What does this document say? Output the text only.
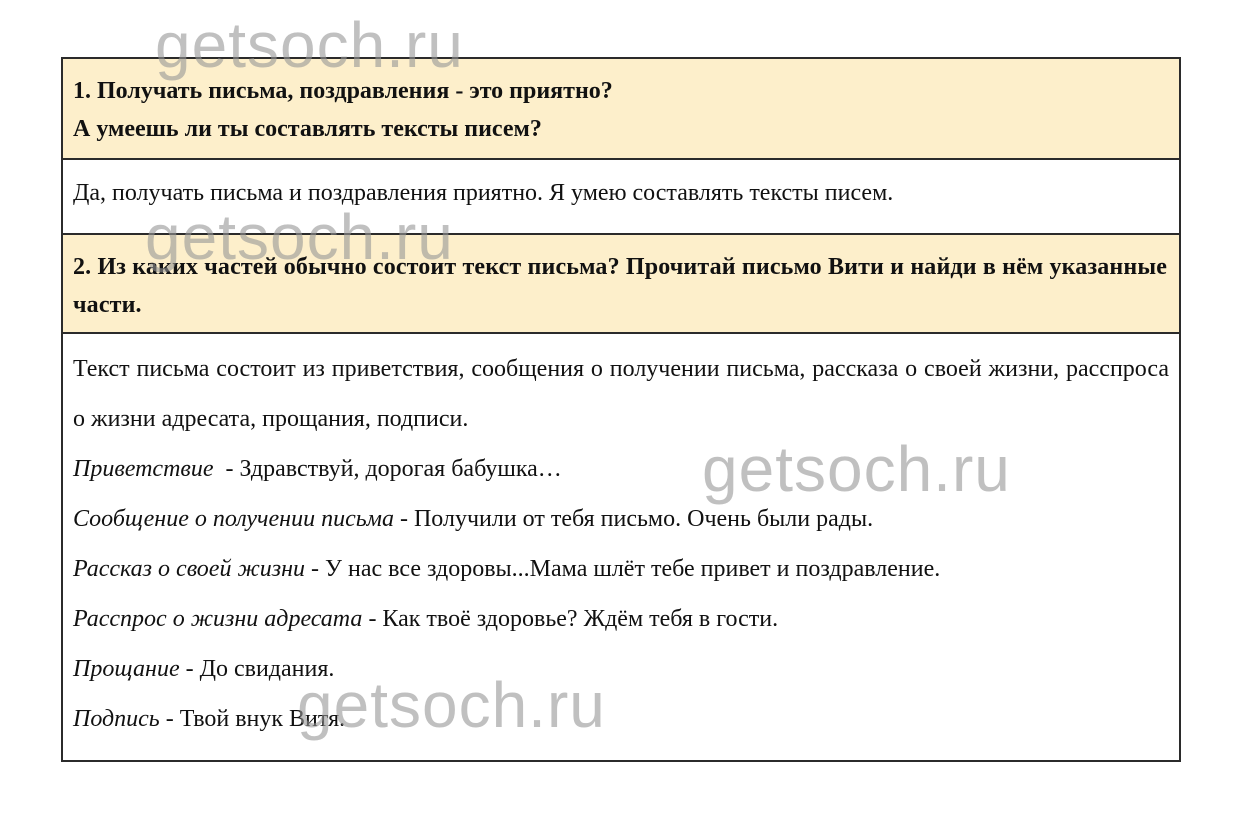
1. Получать письма, поздравления - это приятно?
А умеешь ли ты составлять тексты писем?
Да, получать письма и поздравления приятно. Я умею составлять тексты писем.
2. Из каких частей обычно состоит текст письма? Прочитай письмо Вити и найди в нём указанные части.

Текст письма состоит из приветствия, сообщения о получении письма, рассказа о своей жизни, расспроса о жизни адресата, прощания, подписи.

Приветствие  - Здравствуй, дорогая бабушка…

Сообщение о получении письма - Получили от тебя письмо. Очень были рады.

Рассказ о своей жизни - У нас все здоровы...Мама шлёт тебе привет и поздравление.

Расспрос о жизни адресата - Как твоё здоровье? Ждём тебя в гости.

Прощание - До свидания.

Подпись - Твой внук Витя.

getsoch.ru
getsoch.ru
getsoch.ru
getsoch.ru
